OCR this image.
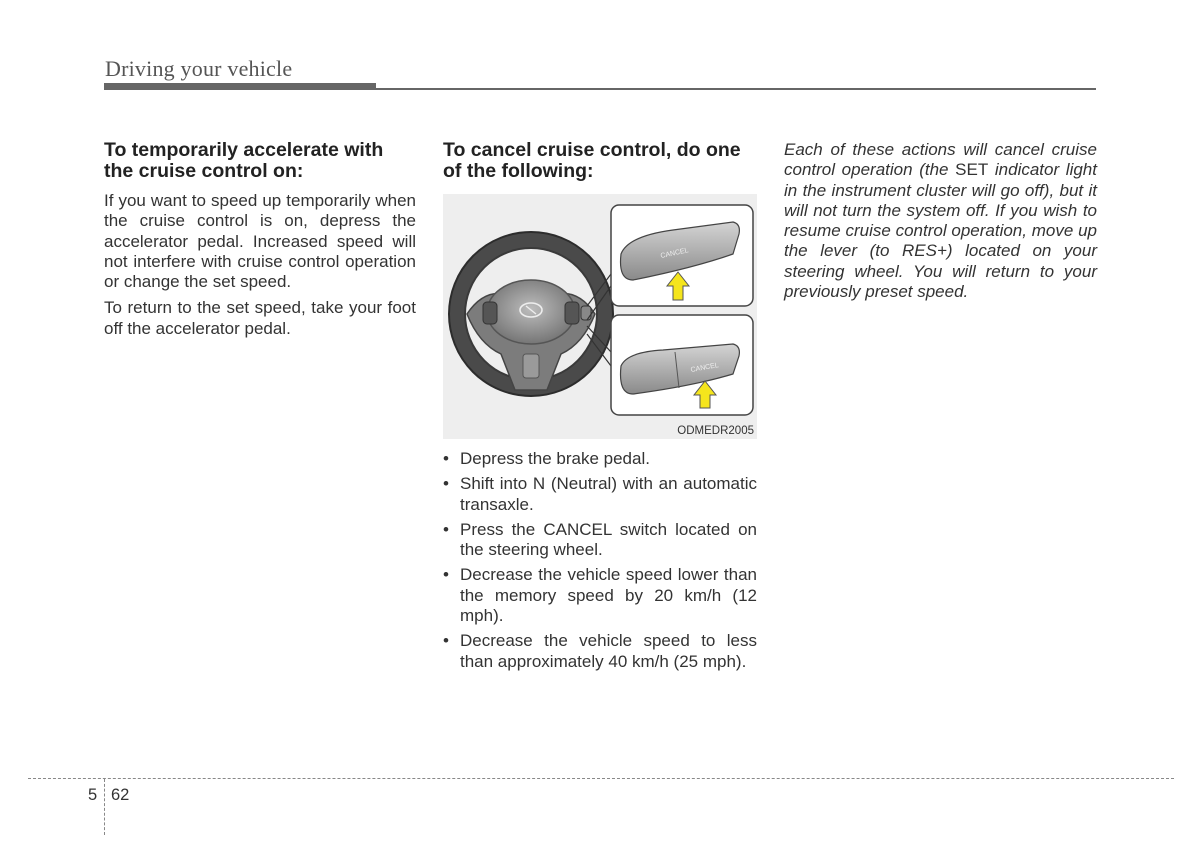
Driving your vehicle
To temporarily accelerate with the cruise control on:

If you want to speed up temporarily when the cruise control is on, depress the accelerator pedal. Increased speed will not interfere with cruise control operation or change the set speed.

To return to the set speed, take your foot off the accelerator pedal.

To cancel cruise control, do one of the following:
CANCEL
CANCEL
ODMEDR2005
• Depress the brake pedal.
• Shift into N (Neutral) with an automatic transaxle.
• Press the CANCEL switch located on the steering wheel.
• Decrease the vehicle speed lower than the memory speed by 20 km/h (12 mph).
• Decrease the vehicle speed to less than approximately 40 km/h (25 mph).

Each of these actions will cancel cruise control operation (the SET indicator light in the instrument cluster will go off), but it will not turn the system off. If you wish to resume cruise control operation, move up the lever (to RES+) located on your steering wheel. You will return to your previously preset speed.

5 62
